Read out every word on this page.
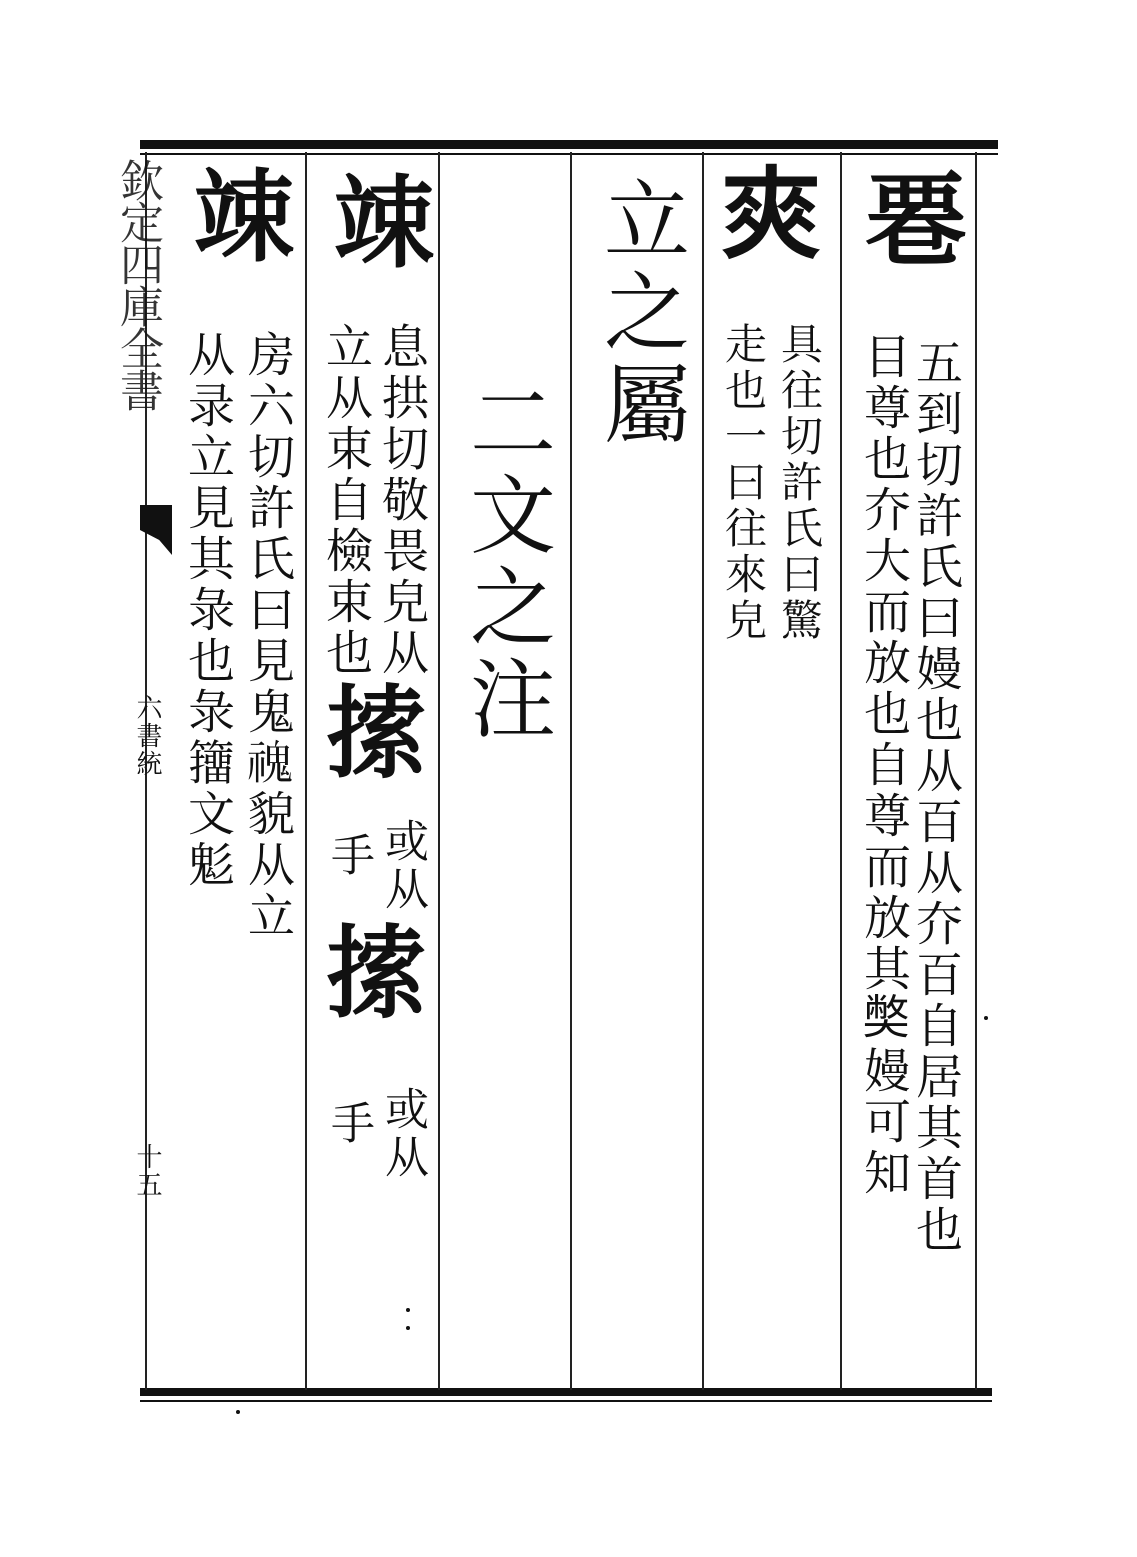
欽定四庫全書
六書統
十五
䙴
五到切許氏曰嫚也从百从夰百自居其首也
目尊也夰大而放也自尊而放其𡚁嫚可知
𡙁
具往切許氏曰驚
走也一曰往來皃
立之屬
二文之注
竦
息拱切敬畏皃从
𢱢
或从
𢱢
或从
立从束自檢束也
手
手
竦
房六切許氏曰見鬼𩲡貌从立
从录立見其彔也彔籒文鬽
